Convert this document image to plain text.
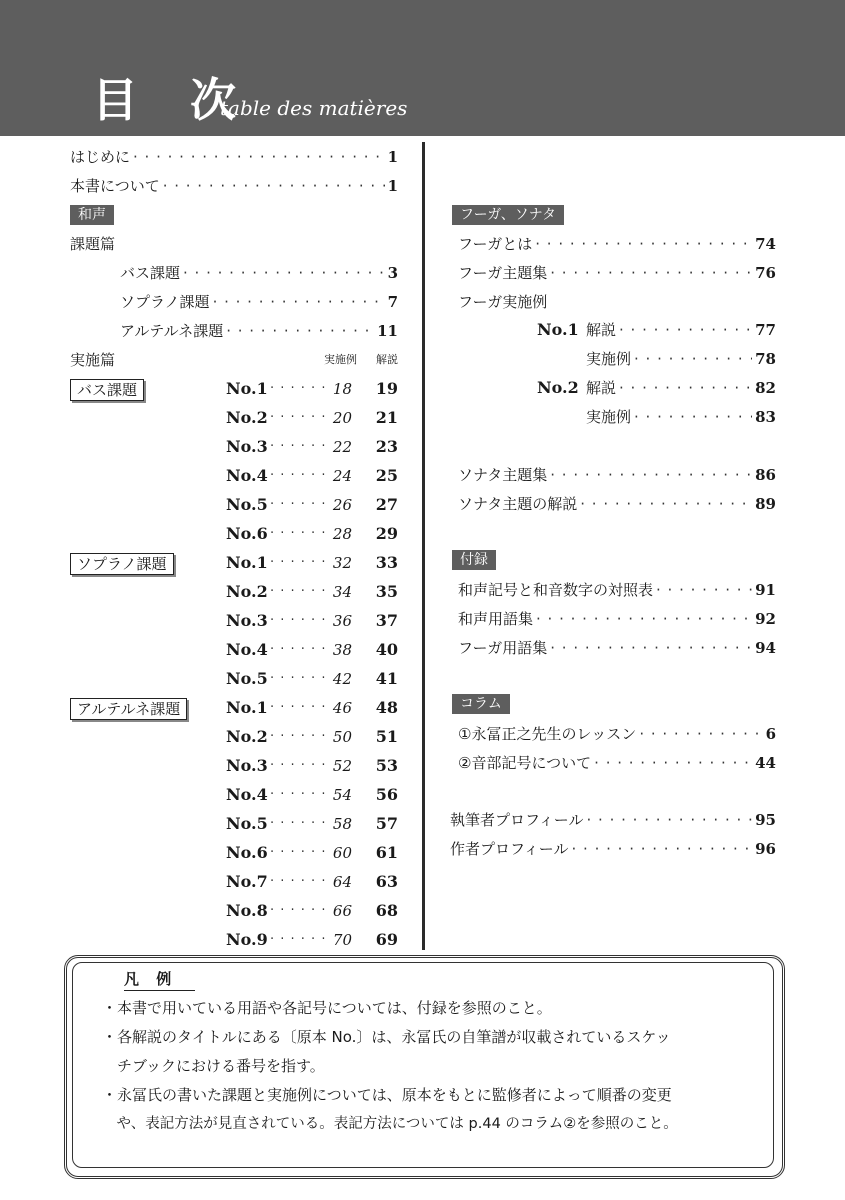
目 次
table des matières
はじめに · · ·	1
本書について · · ·	1
和声
課題篇
バス課題 · · ·	3
ソプラノ課題 · · ·	7
アルテルネ課題 · · ·	11
実施篇	実施例 解説
バス課題	No.1 · · · · · · 18	19
No.2 · · · · · · 20	21
No.3 · · · · · · 22	23
No.4 · · · · · · 24	25
No.5 · · · · · · 26	27
No.6 · · · · · · 28	29
ソプラノ課題	No.1 · · · · · · 32	33
No.2 · · · · · · 34	35
No.3 · · · · · · 36	37
No.4 · · · · · · 38	40
No.5 · · · · · · 42	41
アルテルネ課題	No.1 · · · · · · 46	48
No.2 · · · · · · 50	51
No.3 · · · · · · 52	53
No.4 · · · · · · 54	56
No.5 · · · · · · 58	57
No.6 · · · · · · 60	61
No.7 · · · · · · 64	63
No.8 · · · · · · 66	68
No.9 · · · · · · 70	69
フーガ、ソナタ
フーガとは · · ·	74
フーガ主題集 · · ·	76
フーガ実施例
No.1 解説 · · ·	77
実施例 · · ·	78
No.2 解説 · · ·	82
実施例 · · ·	83
ソナタ主題集 · · ·	86
ソナタ主題の解説 · · ·	89
付録
和声記号と和音数字の対照表 · · ·	91
和声用語集 · · ·	92
フーガ用語集 · · ·	94
コラム
①永冨正之先生のレッスン · · ·	6
②音部記号について · · ·	44
執筆者プロフィール · · ·	95
作者プロフィール · · ·	96
凡 例
・本書で用いている用語や各記号については、付録を参照のこと。
・各解説のタイトルにある〔原本 No.〕は、永冨氏の自筆譜が収載されているスケッ
　チブックにおける番号を指す。
・永冨氏の書いた課題と実施例については、原本をもとに監修者によって順番の変更
　や、表記方法が見直されている。表記方法については p.44 のコラム②を参照のこと。
